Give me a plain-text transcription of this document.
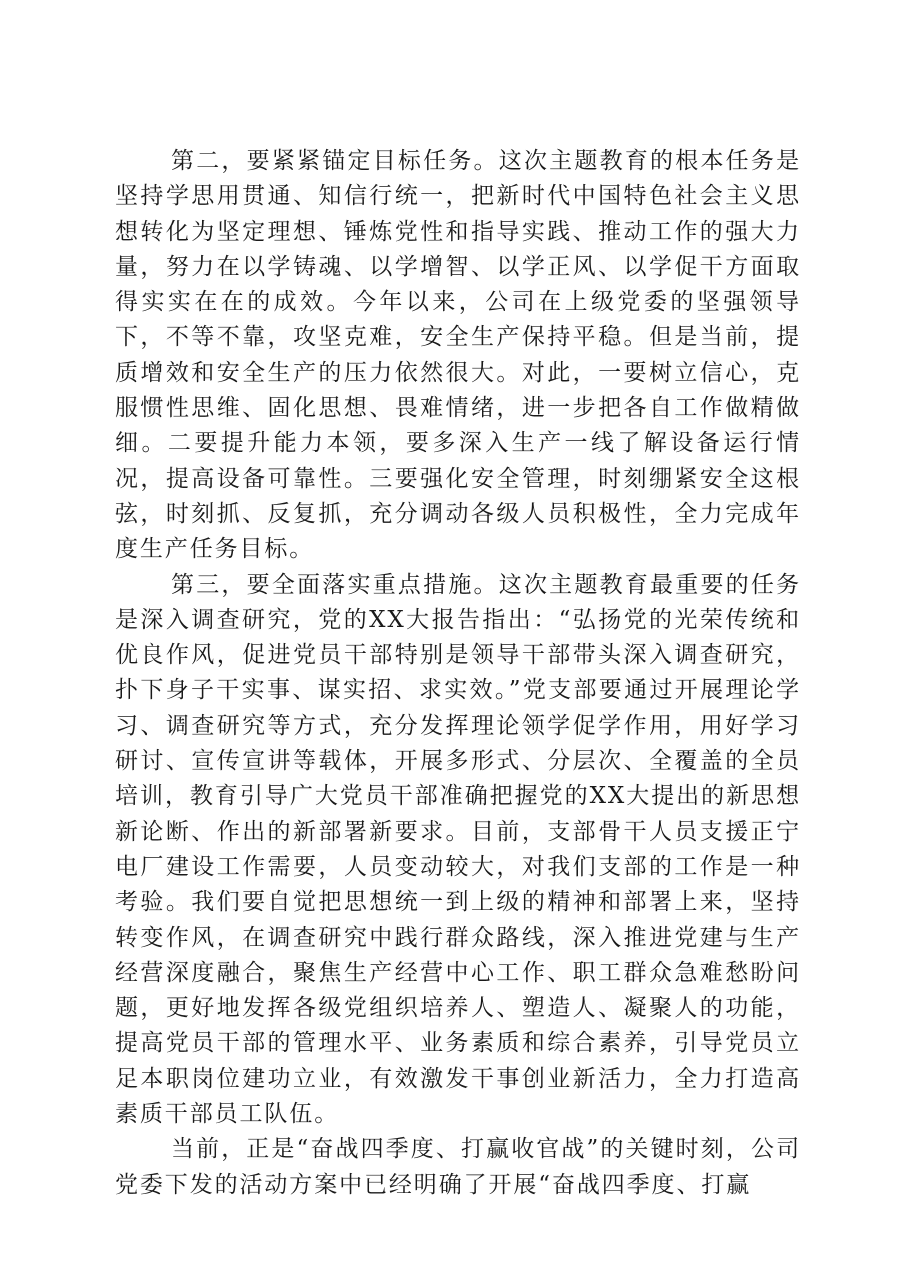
第二，要紧紧锚定目标任务。这次主题教育的根本任务是坚持学思用贯通、知信行统一，把新时代中国特色社会主义思想转化为坚定理想、锤炼党性和指导实践、推动工作的强大力量，努力在以学铸魂、以学增智、以学正风、以学促干方面取得实实在在的成效。今年以来，公司在上级党委的坚强领导下，不等不靠，攻坚克难，安全生产保持平稳。但是当前，提质增效和安全生产的压力依然很大。对此，一要树立信心，克服惯性思维、固化思想、畏难情绪，进一步把各自工作做精做细。二要提升能力本领，要多深入生产一线了解设备运行情况，提高设备可靠性。三要强化安全管理，时刻绷紧安全这根弦，时刻抓、反复抓，充分调动各级人员积极性，全力完成年度生产任务目标。

第三，要全面落实重点措施。这次主题教育最重要的任务是深入调查研究，党的XX大报告指出：“弘扬党的光荣传统和优良作风，促进党员干部特别是领导干部带头深入调查研究，扑下身子干实事、谋实招、求实效。”党支部要通过开展理论学习、调查研究等方式，充分发挥理论领学促学作用，用好学习研讨、宣传宣讲等载体，开展多形式、分层次、全覆盖的全员培训，教育引导广大党员干部准确把握党的XX大提出的新思想新论断、作出的新部署新要求。目前，支部骨干人员支援正宁电厂建设工作需要，人员变动较大，对我们支部的工作是一种考验。我们要自觉把思想统一到上级的精神和部署上来，坚持转变作风，在调查研究中践行群众路线，深入推进党建与生产经营深度融合，聚焦生产经营中心工作、职工群众急难愁盼问题，更好地发挥各级党组织培养人、塑造人、凝聚人的功能，提高党员干部的管理水平、业务素质和综合素养，引导党员立足本职岗位建功立业，有效激发干事创业新活力，全力打造高素质干部员工队伍。

当前，正是“奋战四季度、打赢收官战”的关键时刻，公司党委下发的活动方案中已经明确了开展“奋战四季度、打赢
